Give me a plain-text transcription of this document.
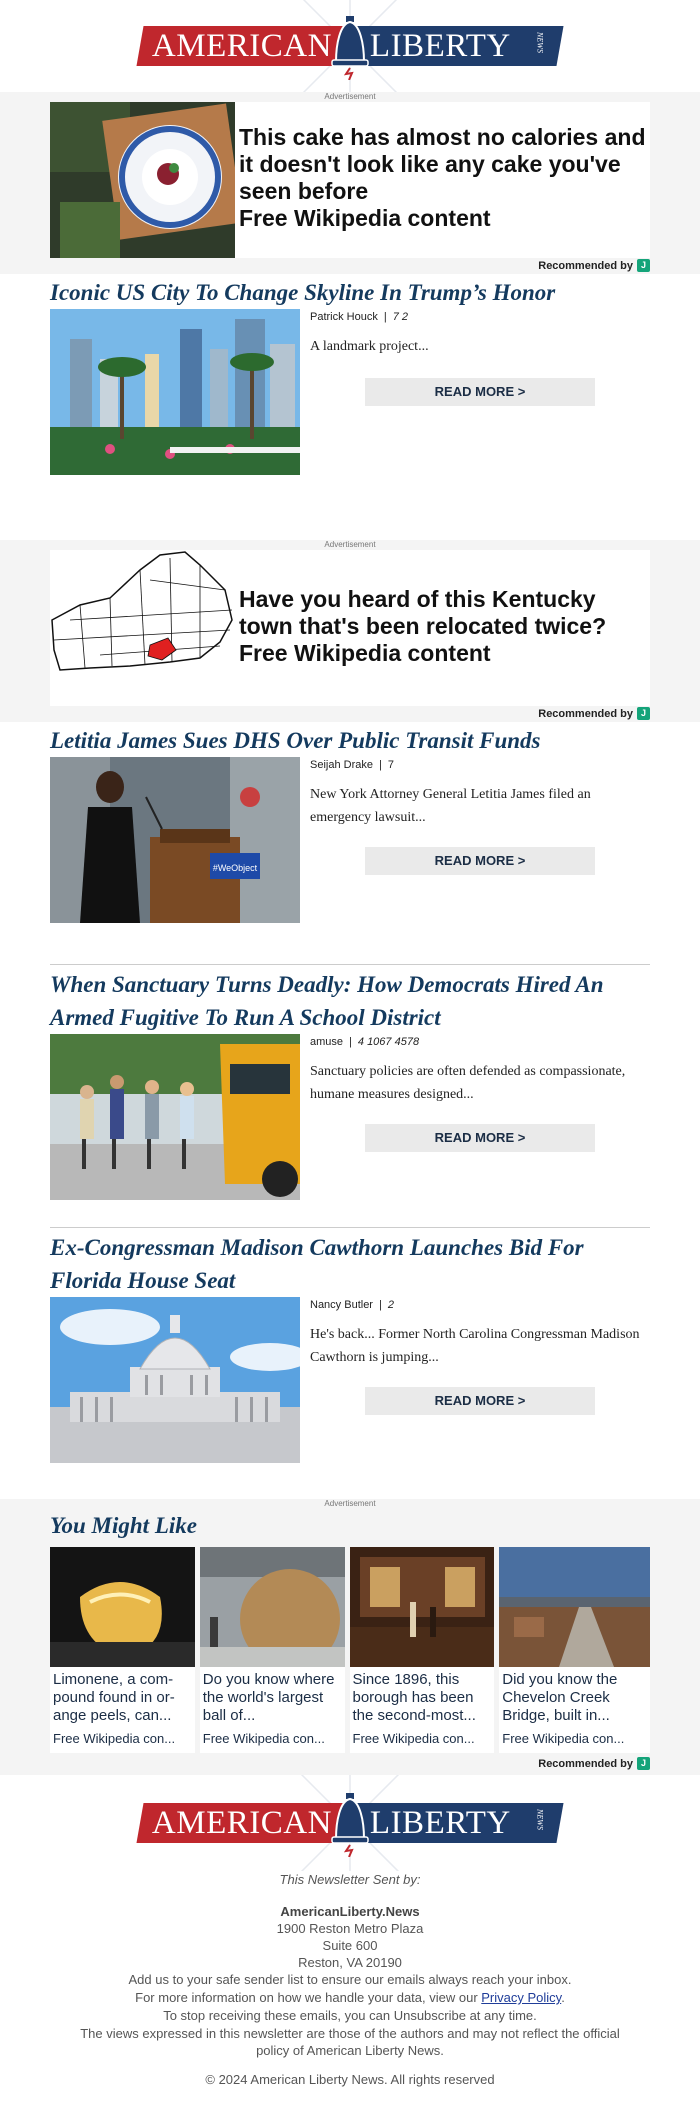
AMERICAN LIBERTY	NEWS
Advertisement
This cake has almost no calories and it doesn't look like any cake you've seen before
Free Wikipedia content
Recommended by J
Iconic US City To Change Skyline In Trump’s Honor
Patrick Houck | 7 2
A landmark project...
READ MORE >
Advertisement
Have you heard of this Kentucky town that's been relocated twice?
Free Wikipedia content
Recommended by J
Letitia James Sues DHS Over Public Transit Funds
#WeObject
Seijah Drake | 7
New York Attorney General Letitia James filed an emergency lawsuit...
READ MORE >
When Sanctuary Turns Deadly: How Democrats Hired An Armed Fugitive To Run A School District
amuse | 4 1067 4578
Sanctuary policies are often defended as compassionate, humane measures designed...
READ MORE >
Ex-Congressman Madison Cawthorn Launches Bid For Florida House Seat
Nancy Butler | 2
He's back... Former North Carolina Congressman Madison Cawthorn is jumping...
READ MORE >
Advertisement
You Might Like
Limonene, a com-pound found in or-ange peels, can...
Free Wikipedia con...
Do you know where the world's largest ball of...
Free Wikipedia con...
Since 1896, this borough has been the second-most...
Free Wikipedia con...
Did you know the Chevelon Creek Bridge, built in...
Free Wikipedia con...
Recommended by J
AMERICAN LIBERTY	NEWS

This Newsletter Sent by:

AmericanLiberty.News

1900 Reston Metro Plaza

Suite 600

Reston, VA 20190

Add us to your safe sender list to ensure our emails always reach your inbox.

For more information on how we handle your data, view our Privacy Policy.

To stop receiving these emails, you can Unsubscribe at any time.

The views expressed in this newsletter are those of the authors and may not reflect the official policy of American Liberty News.

© 2024 American Liberty News. All rights reserved
